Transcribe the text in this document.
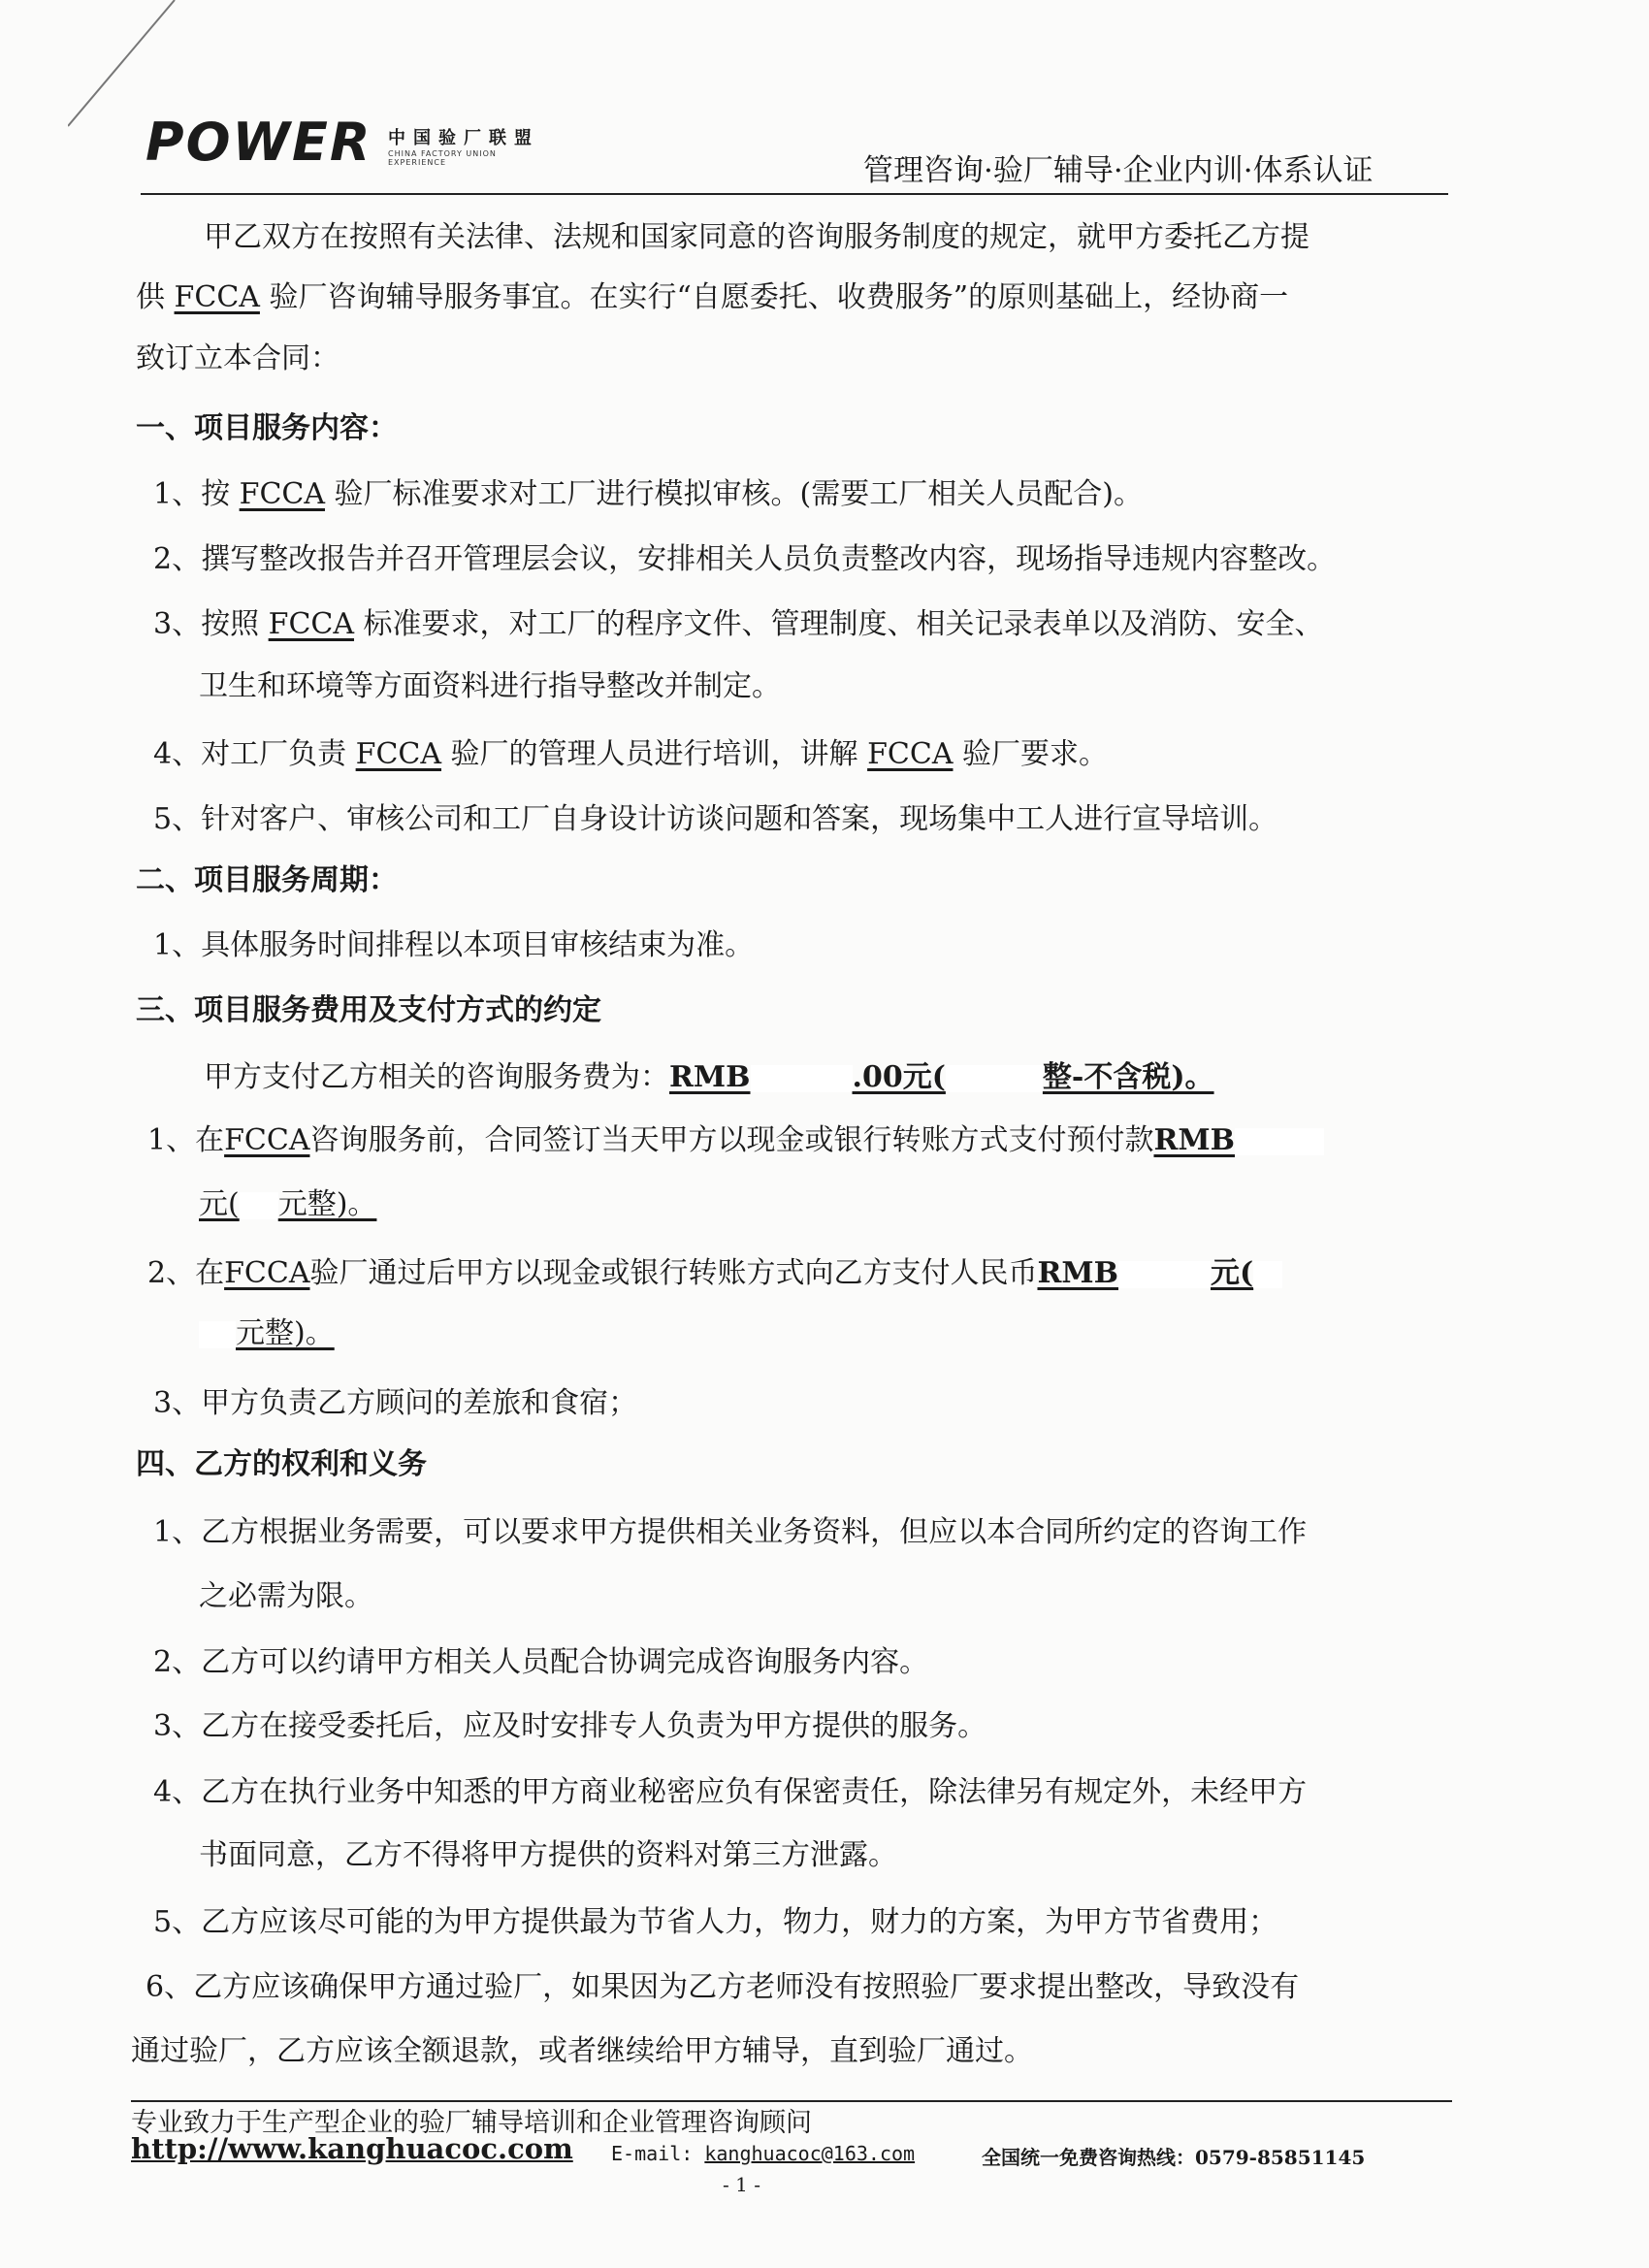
POWER 中国验厂联盟
CHINA FACTORY UNION EXPERIENCE	管理咨询·验厂辅导·企业内训·体系认证
甲乙双方在按照有关法律、法规和国家同意的咨询服务制度的规定，就甲方委托乙方提
供 FCCA 验厂咨询辅导服务事宜。在实行“自愿委托、收费服务”的原则基础上，经协商一
致订立本合同：
一、项目服务内容：
1、按 FCCA 验厂标准要求对工厂进行模拟审核。(需要工厂相关人员配合)。
2、撰写整改报告并召开管理层会议，安排相关人员负责整改内容，现场指导违规内容整改。
3、按照 FCCA 标准要求，对工厂的程序文件、管理制度、相关记录表单以及消防、安全、
卫生和环境等方面资料进行指导整改并制定。
4、对工厂负责 FCCA 验厂的管理人员进行培训，讲解 FCCA 验厂要求。
5、针对客户、审核公司和工厂自身设计访谈问题和答案，现场集中工人进行宣导培训。
二、项目服务周期：
1、具体服务时间排程以本项目审核结束为准。
三、项目服务费用及支付方式的约定
甲方支付乙方相关的咨询服务费为：RMB	.00元(	整-不含税)。
1、在FCCA咨询服务前，合同签订当天甲方以现金或银行转账方式支付预付款RMB
元( 元整)。
2、在FCCA验厂通过后甲方以现金或银行转账方式向乙方支付人民币RMB	元(
元整)。
3、甲方负责乙方顾问的差旅和食宿；
四、乙方的权利和义务
1、乙方根据业务需要，可以要求甲方提供相关业务资料，但应以本合同所约定的咨询工作
之必需为限。
2、乙方可以约请甲方相关人员配合协调完成咨询服务内容。
3、乙方在接受委托后，应及时安排专人负责为甲方提供的服务。
4、乙方在执行业务中知悉的甲方商业秘密应负有保密责任，除法律另有规定外，未经甲方
书面同意，乙方不得将甲方提供的资料对第三方泄露。
5、乙方应该尽可能的为甲方提供最为节省人力，物力，财力的方案，为甲方节省费用；
6、乙方应该确保甲方通过验厂，如果因为乙方老师没有按照验厂要求提出整改，导致没有
通过验厂，乙方应该全额退款，或者继续给甲方辅导，直到验厂通过。
专业致力于生产型企业的验厂辅导培训和企业管理咨询顾问
http://www.kanghuacoc.com E-mail: kanghuacoc@163.com	全国统一免费咨询热线：0579-85851145
- 1 -
